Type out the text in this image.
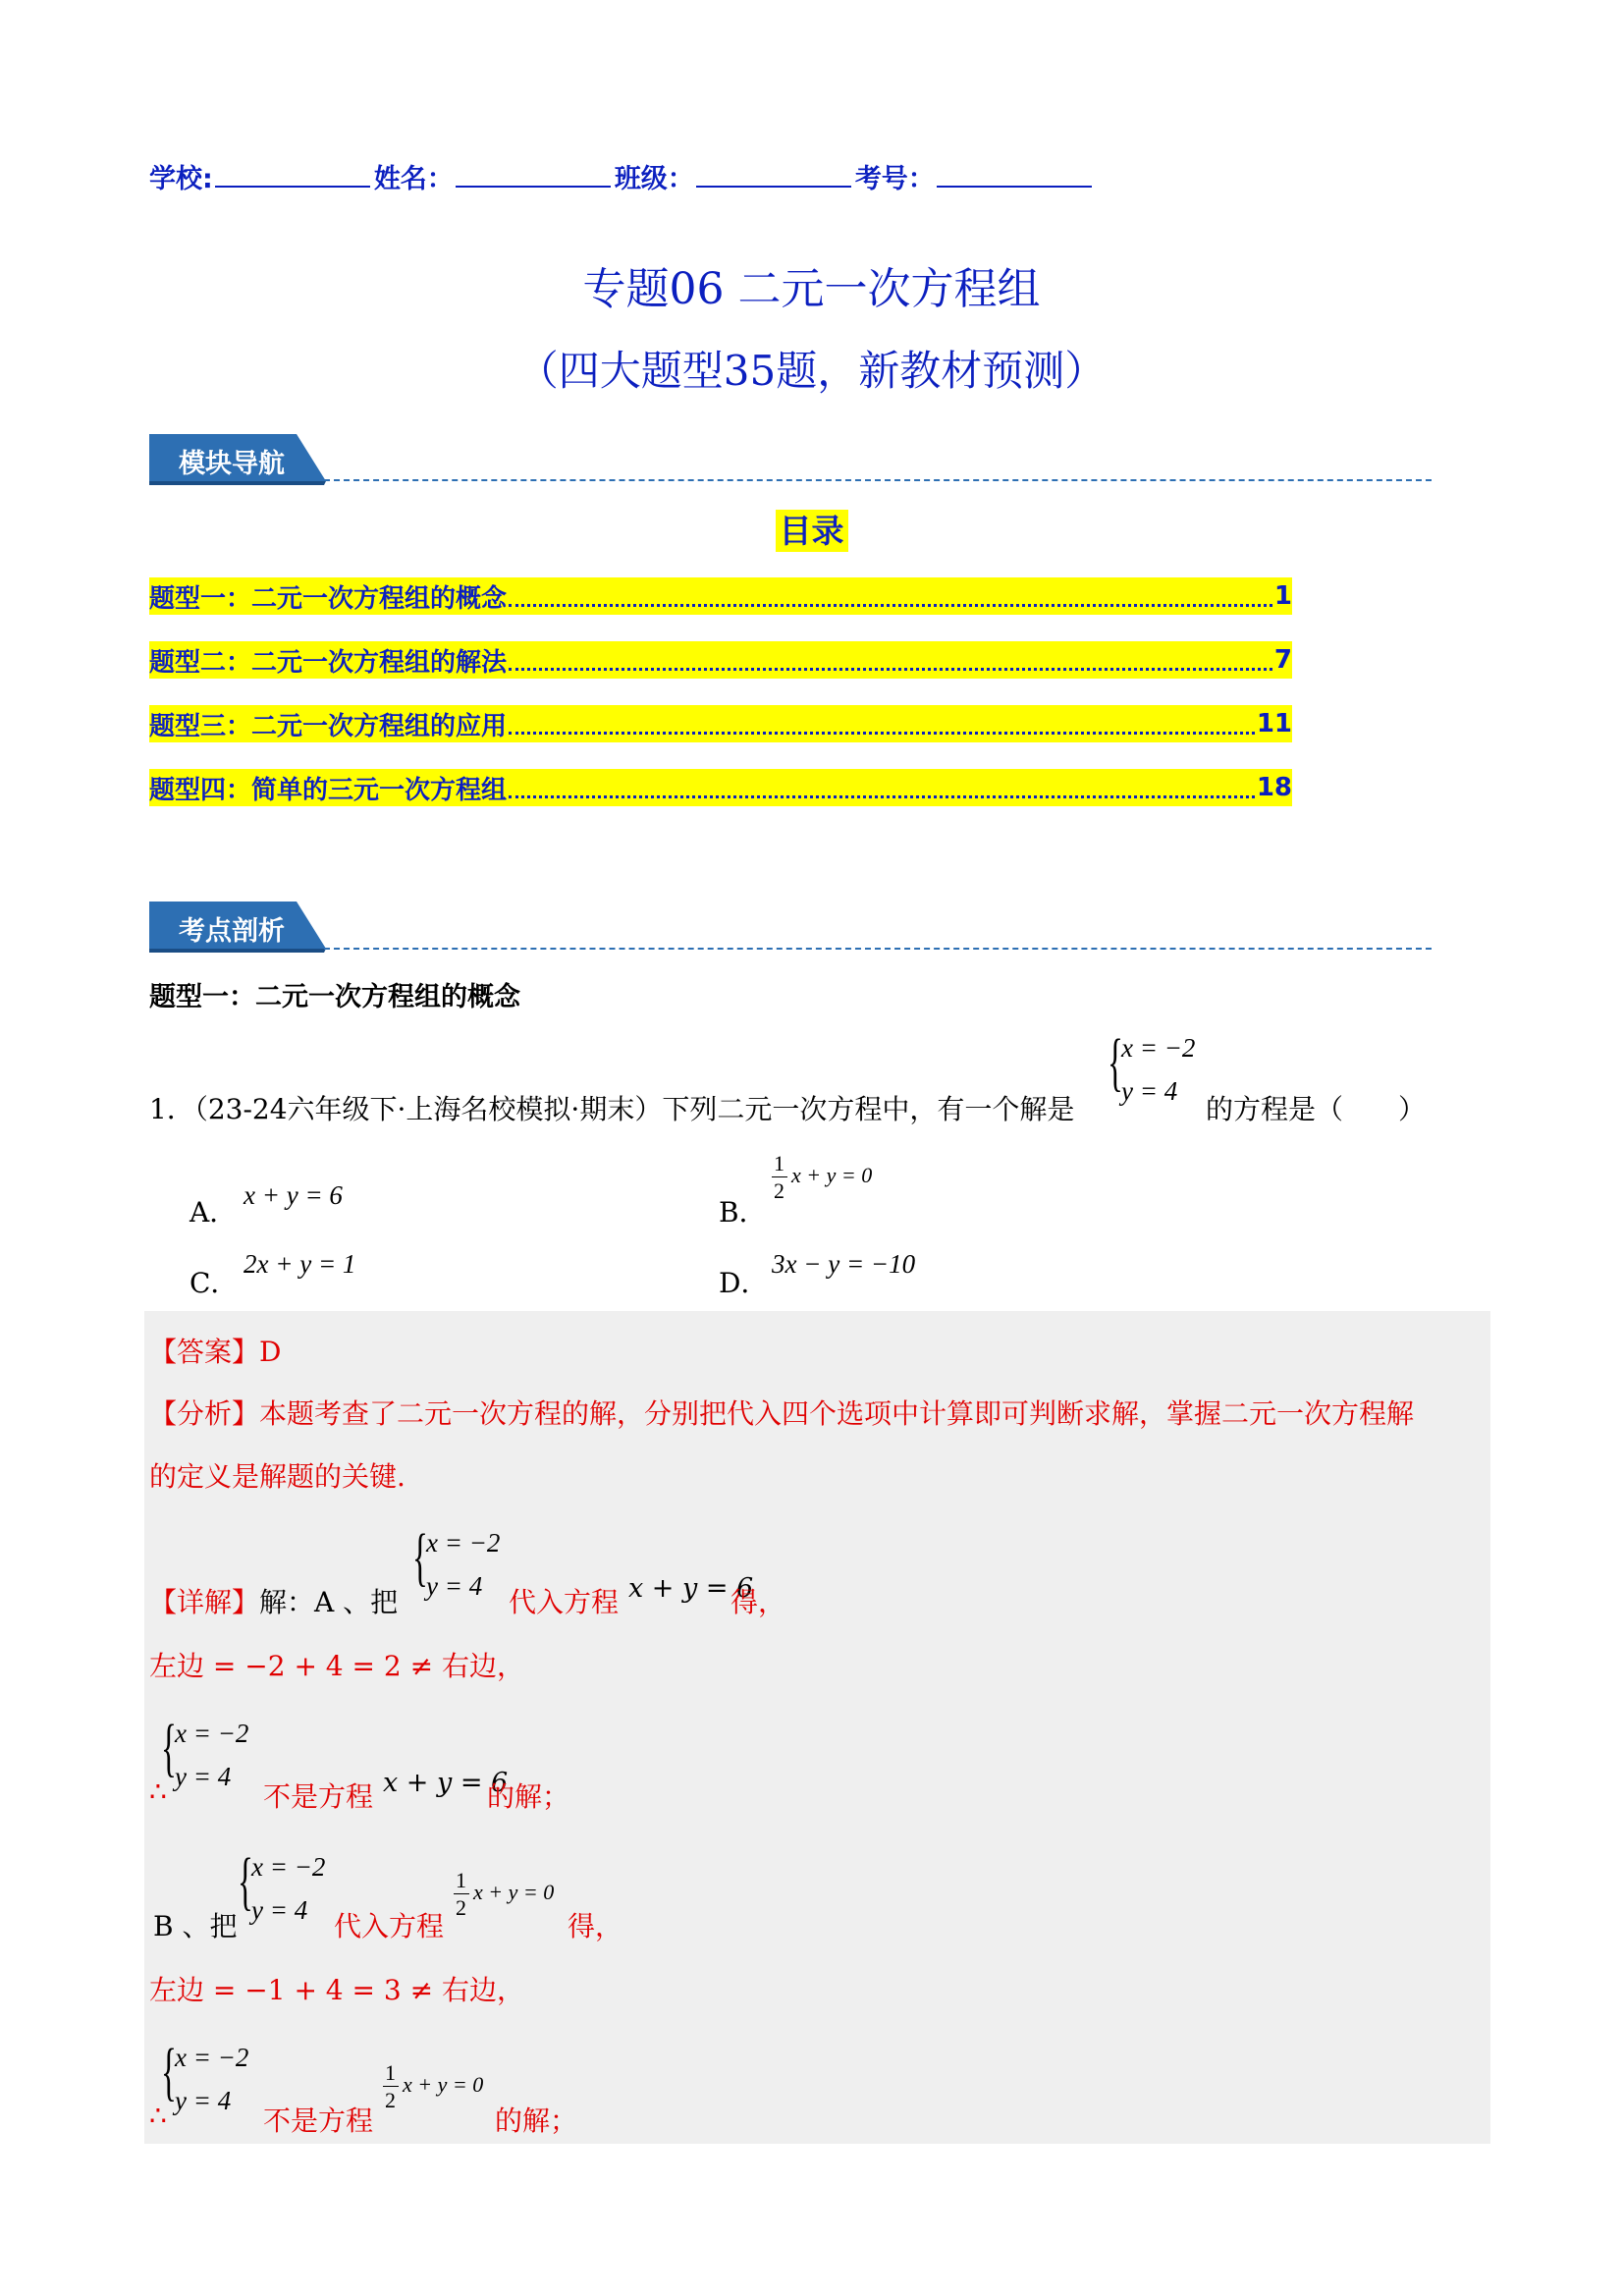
学校:	姓名：	班级：	考号：
专题06 二元一次方程组
（四大题型35题，新教材预测）
模块导航
目录
题型一：二元一次方程组的概念	1
题型二：二元一次方程组的解法	7
题型三：二元一次方程组的应用	11
题型四：简单的三元一次方程组	18
考点剖析
题型一：二元一次方程组的概念
1．（23-24六年级下·上海名校模拟·期末）下列二元一次方程中，有一个解是
{
x = −2
y = 4
的方程是（　　）
A．
x + y = 6
B．
1
2
x + y = 0
C．
2x + y = 1
D．
3x − y = −10
【答案】D
【分析】本题考查了二元一次方程的解，分别把代入四个选项中计算即可判断求解，掌握二元一次方程解
的定义是解题的关键.
【详解】解：A 、把
{
x = −2
y = 4 代入方程 x + y = 6
得，
左边 = −2 + 4 = 2 ≠ 右边，
{
x = −2
y = 4
∴	不是方程 x + y = 6
的解；
{
x = −2
y = 4
B 、把	代入方程
1
2
x + y = 0
得，
左边 = −1 + 4 = 3 ≠ 右边，
{
x = −2
y = 4
∴	不是方程
1
2
x + y = 0
的解；
